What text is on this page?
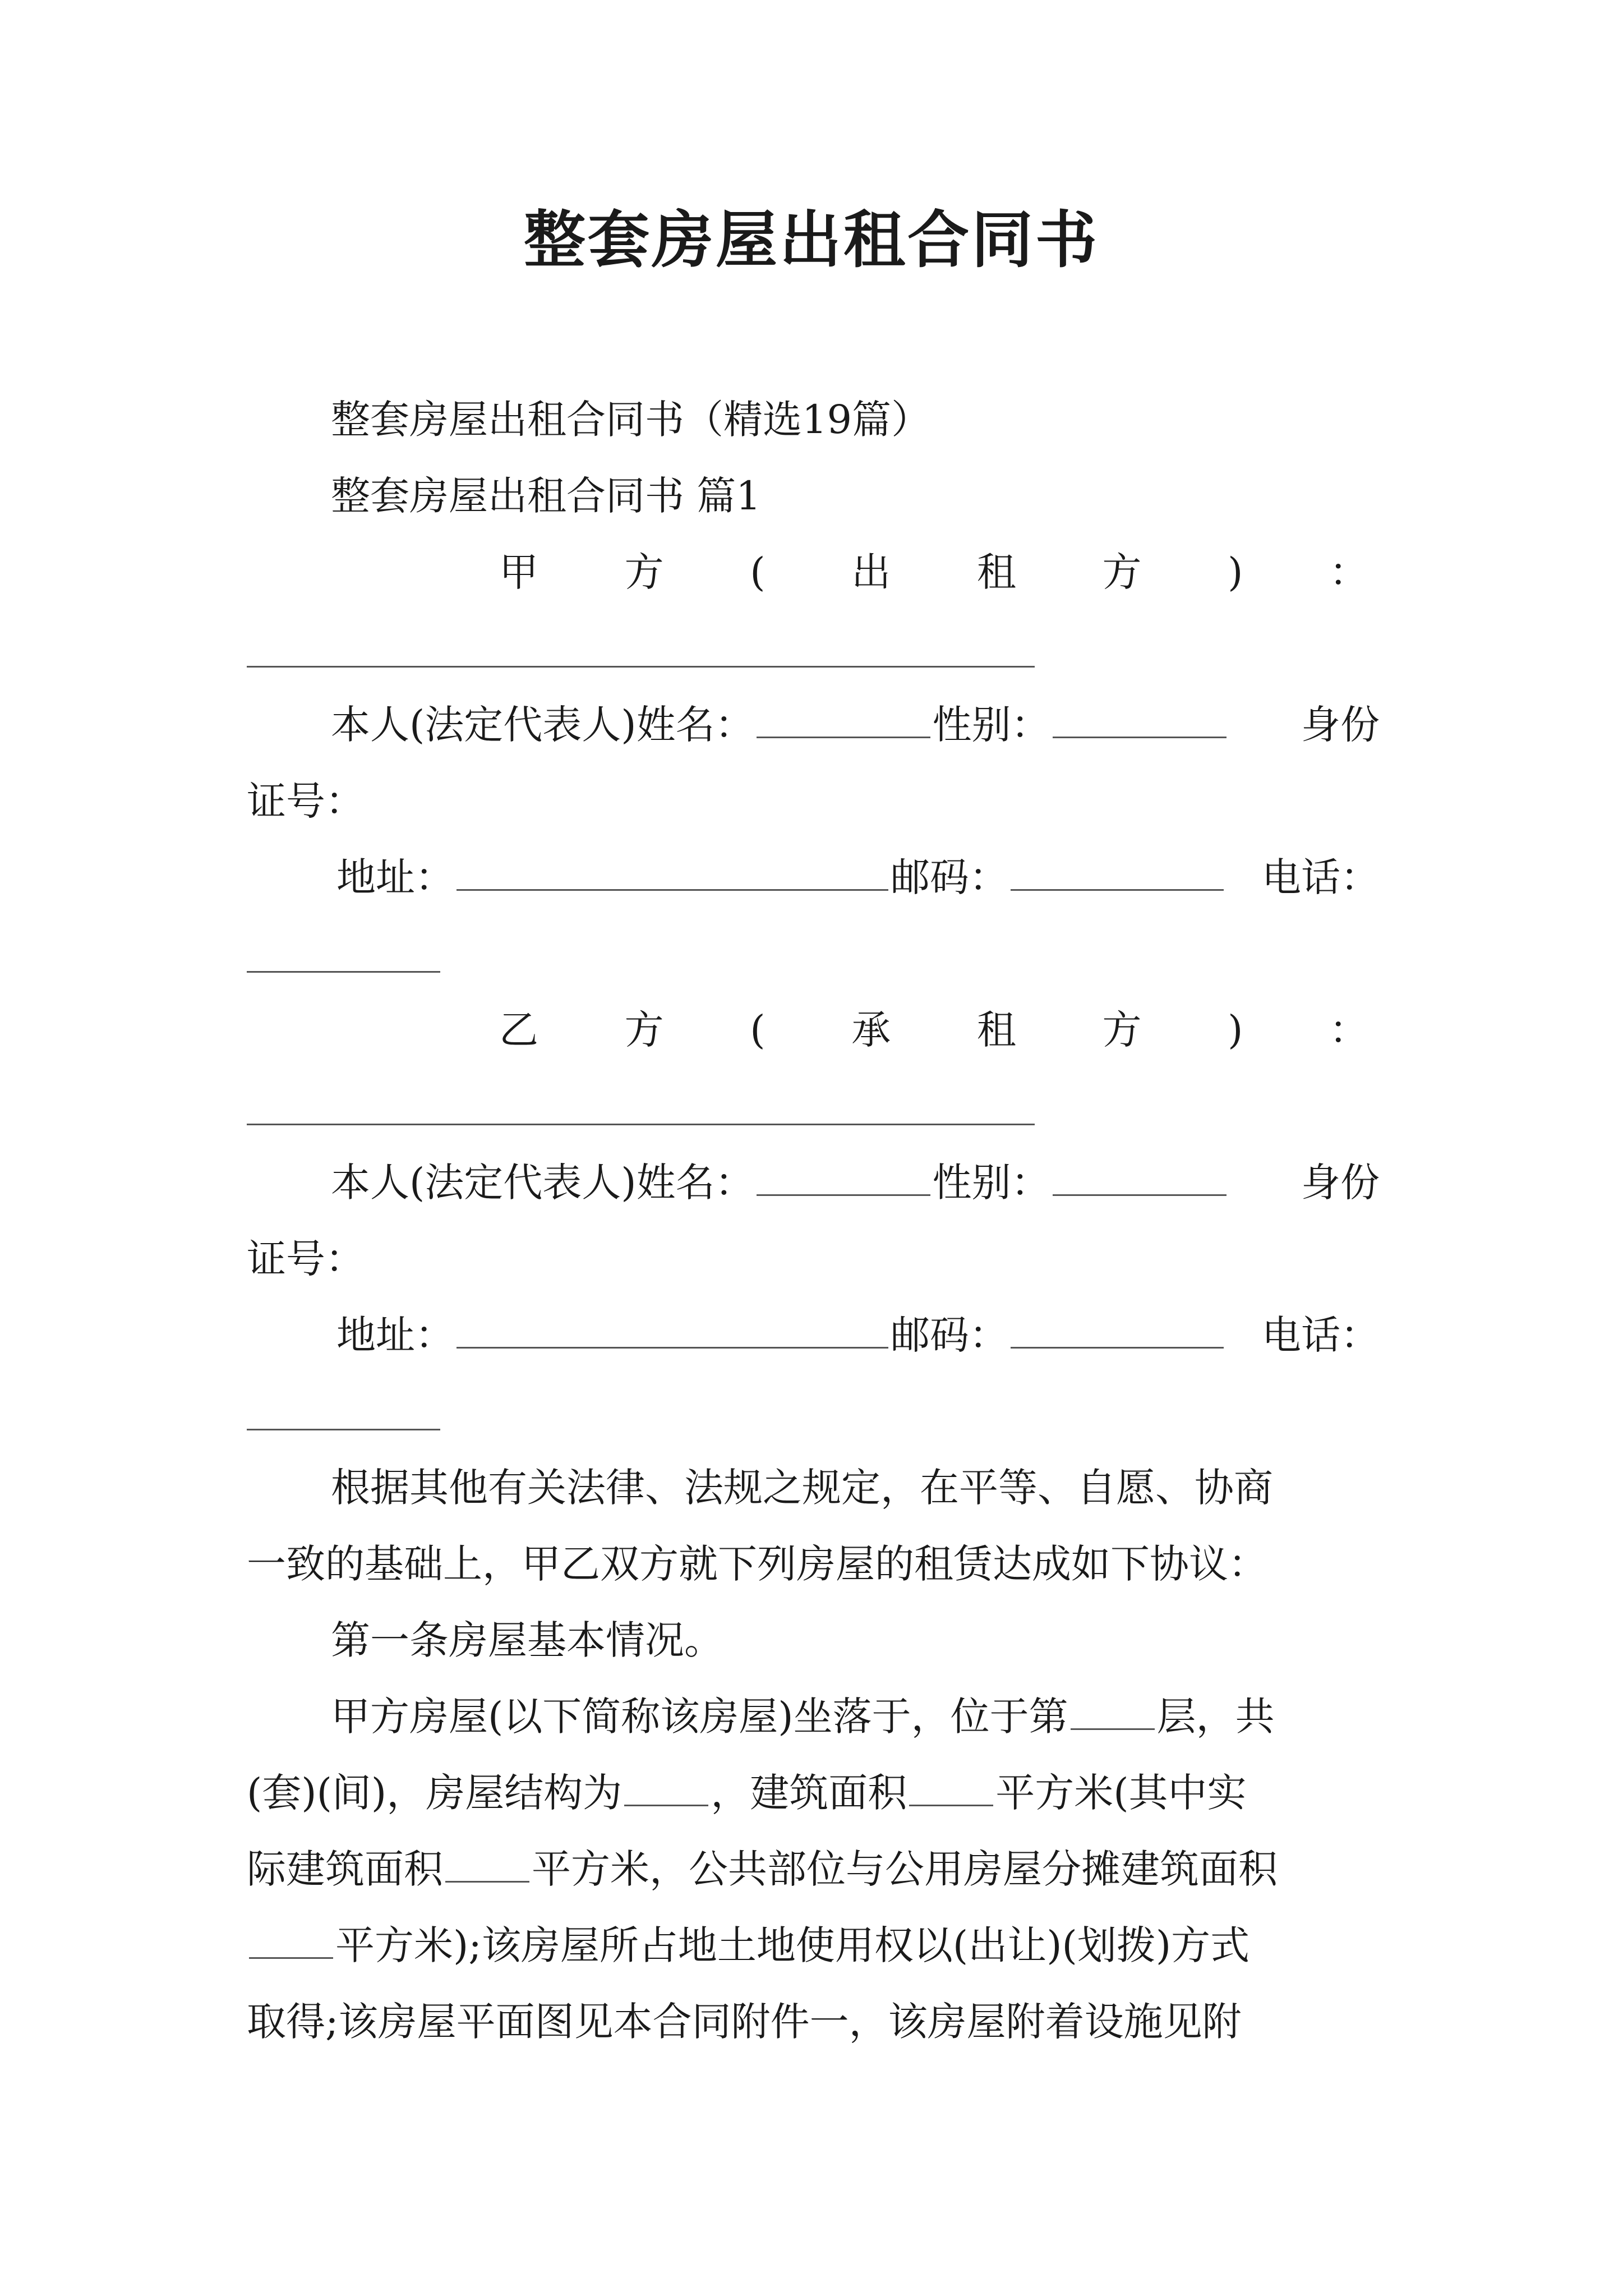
整套房屋出租合同书
整套房屋出租合同书（精选19篇）
整套房屋出租合同书 篇1
甲 方 ( 出 租 方 ) ：
本人(法定代表人)姓名：	性别：	身份
证号：
地址：	邮码：	电话：
乙 方 ( 承 租 方 ) ：
本人(法定代表人)姓名：	性别：	身份
证号：
地址：	邮码：	电话：
根据其他有关法律、法规之规定，在平等、自愿、协商
一致的基础上，甲乙双方就下列房屋的租赁达成如下协议：
第一条房屋基本情况。
甲方房屋(以下简称该房屋)坐落于，位于第 层，共
(套)(间)，房屋结构为 ，建筑面积 平方米(其中实
际建筑面积 平方米，公共部位与公用房屋分摊建筑面积
平方米);该房屋所占地土地使用权以(出让)(划拨)方式
取得;该房屋平面图见本合同附件一，该房屋附着设施见附
